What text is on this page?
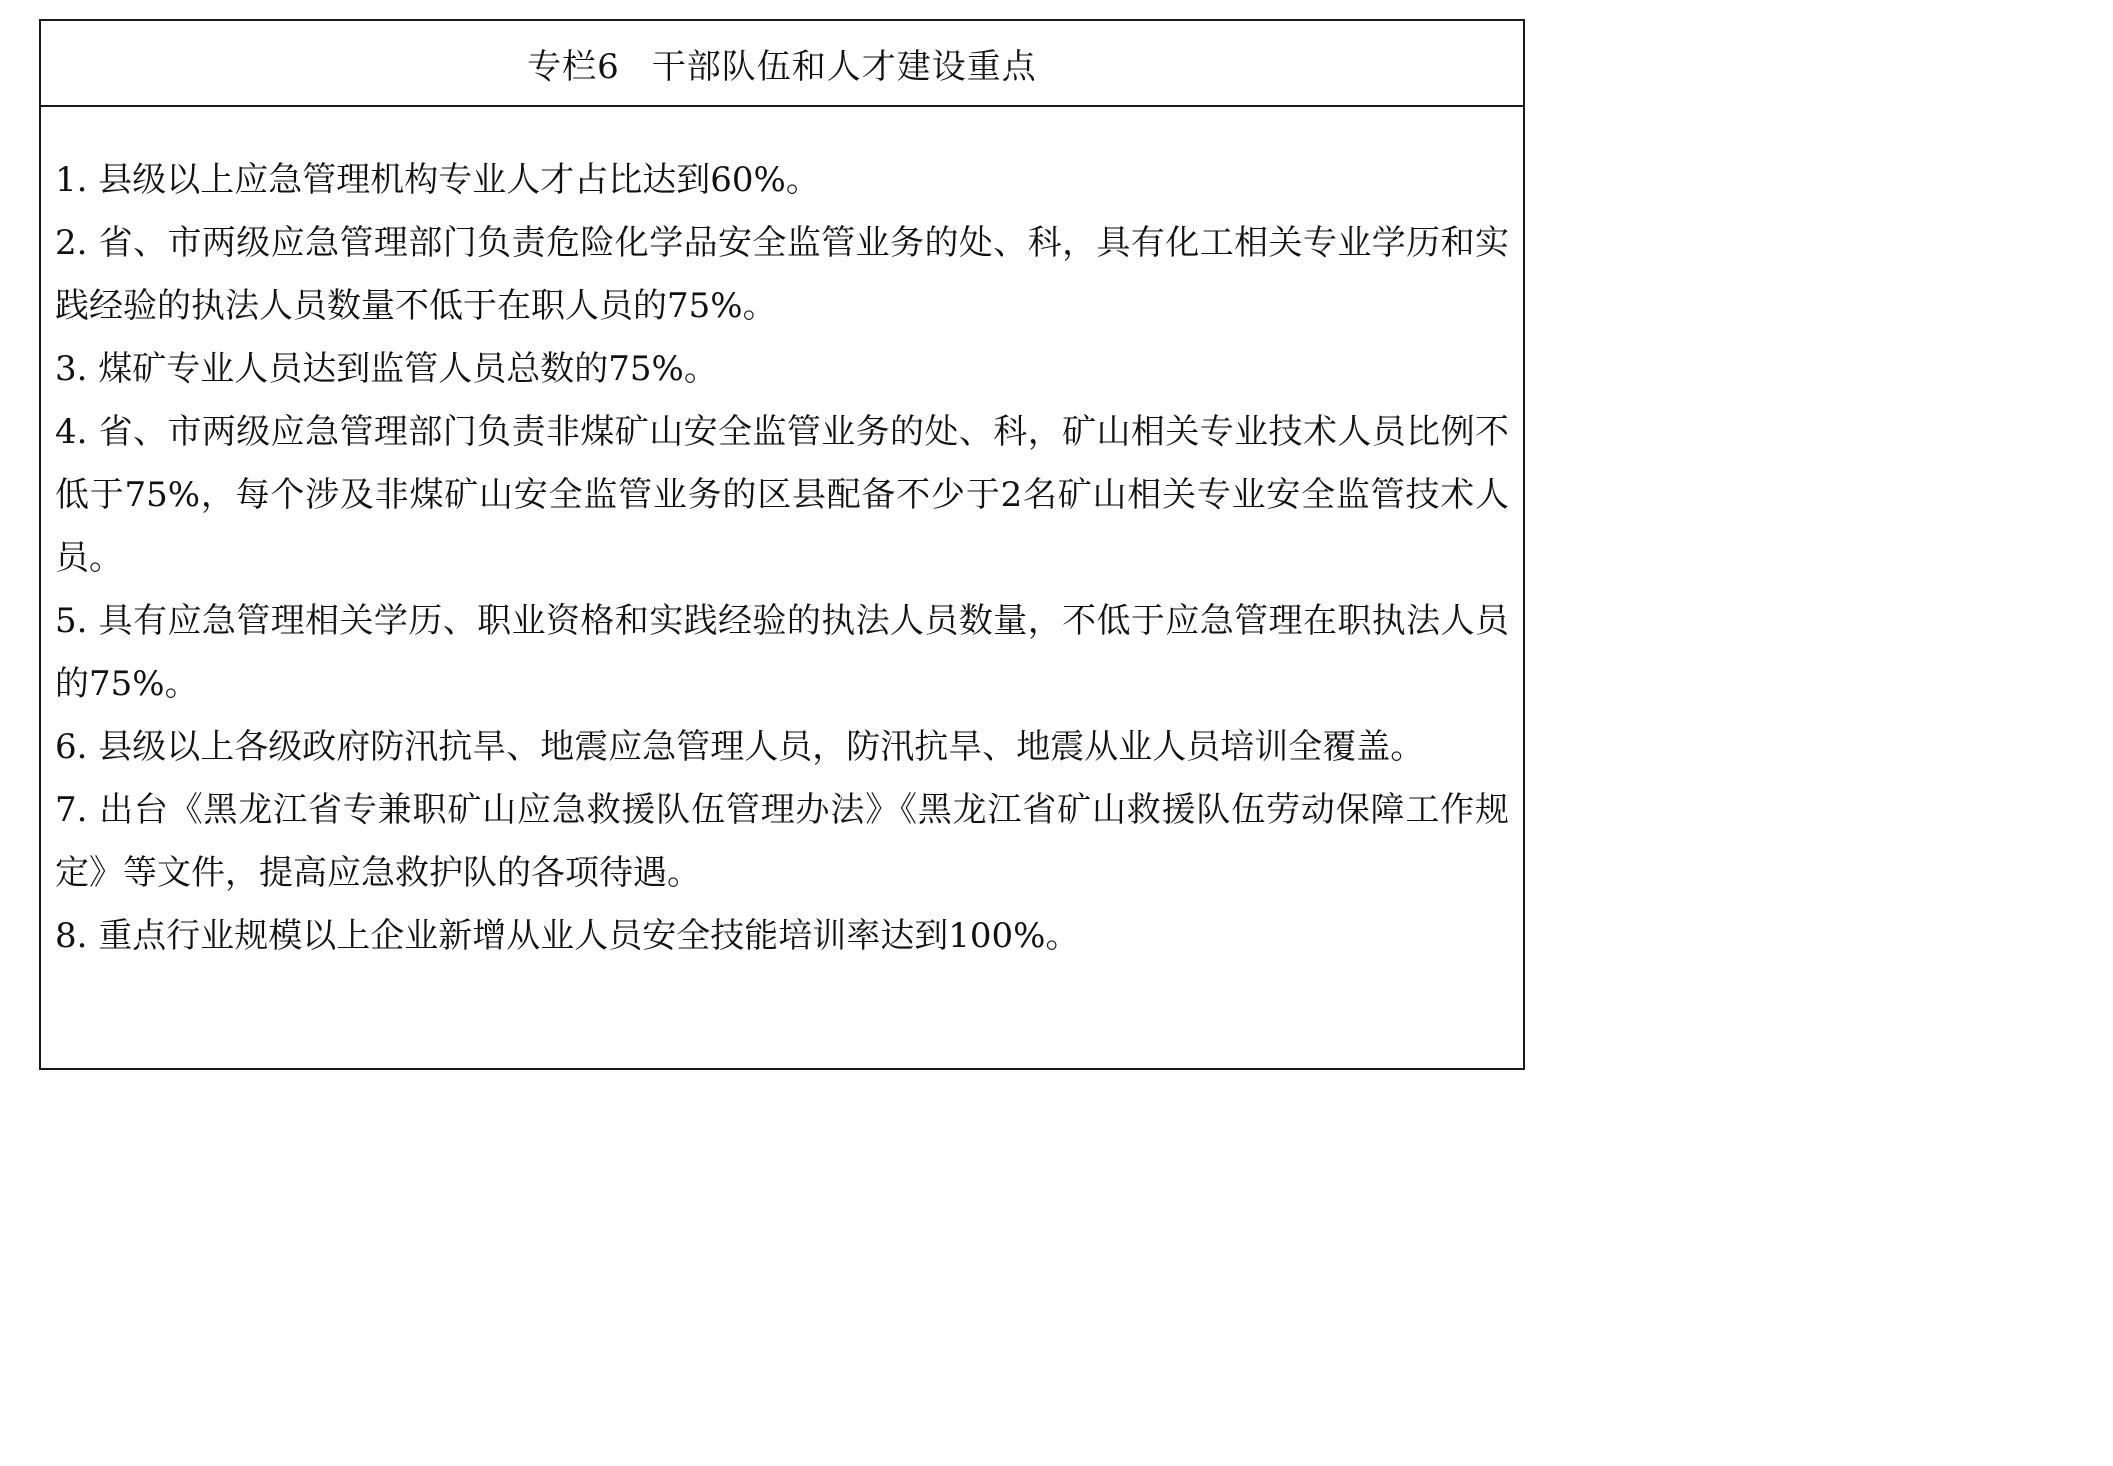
专栏6 干部队伍和人才建设重点

1. 县级以上应急管理机构专业人才占比达到60%。

2. 省、市两级应急管理部门负责危险化学品安全监管业务的处、科，具有化工相关专业学历和实践经验的执法人员数量不低于在职人员的75%。

3. 煤矿专业人员达到监管人员总数的75%。

4. 省、市两级应急管理部门负责非煤矿山安全监管业务的处、科，矿山相关专业技术人员比例不低于75%，每个涉及非煤矿山安全监管业务的区县配备不少于2名矿山相关专业安全监管技术人员。

5. 具有应急管理相关学历、职业资格和实践经验的执法人员数量，不低于应急管理在职执法人员的75%。

6. 县级以上各级政府防汛抗旱、地震应急管理人员，防汛抗旱、地震从业人员培训全覆盖。

7. 出台《黑龙江省专兼职矿山应急救援队伍管理办法》《黑龙江省矿山救援队伍劳动保障工作规定》等文件，提高应急救护队的各项待遇。

8. 重点行业规模以上企业新增从业人员安全技能培训率达到100%。
